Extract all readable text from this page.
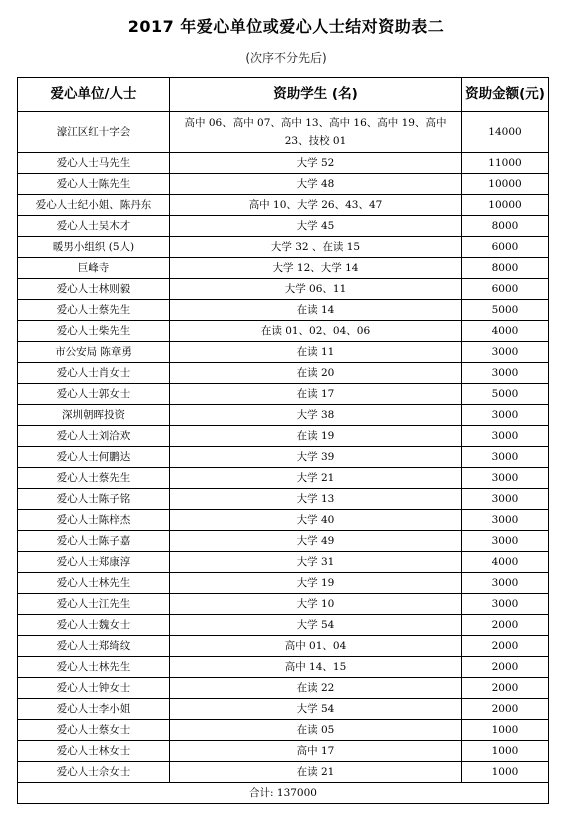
2017 年爱心单位或爱心人士结对资助表二
(次序不分先后)
爱心单位/人士	资助学生 (名)	资助金额(元)
濠江区红十字会	高中 06、高中 07、高中 13、高中 16、高中 19、高中 23、技校 01	14000
爱心人士马先生	大学 52	11000
爱心人士陈先生	大学 48	10000
爱心人士纪小姐、陈丹东	高中 10、大学 26、43、47	10000
爱心人士吴木才	大学 45	8000
暖男小组织 (5人)	大学 32 、在读 15	6000
巨峰寺	大学 12、大学 14	8000
爱心人士林则毅	大学 06、11	6000
爱心人士蔡先生	在读 14	5000
爱心人士柴先生	在读 01、02、04、06	4000
市公安局 陈章勇	在读 11	3000
爱心人士肖女士	在读 20	3000
爱心人士郭女士	在读 17	5000
深圳朝晖投资	大学 38	3000
爱心人士刘洽欢	在读 19	3000
爱心人士何鹏达	大学 39	3000
爱心人士蔡先生	大学 21	3000
爱心人士陈子铭	大学 13	3000
爱心人士陈梓杰	大学 40	3000
爱心人士陈子嘉	大学 49	3000
爱心人士郑康淳	大学 31	4000
爱心人士林先生	大学 19	3000
爱心人士江先生	大学 10	3000
爱心人士魏女士	大学 54	2000
爱心人士郑绮纹	高中 01、04	2000
爱心人士林先生	高中 14、15	2000
爱心人士钟女士	在读 22	2000
爱心人士李小姐	大学 54	2000
爱心人士蔡女士	在读 05	1000
爱心人士林女士	高中 17	1000
爱心人士佘女士	在读 21	1000
合计: 137000		
